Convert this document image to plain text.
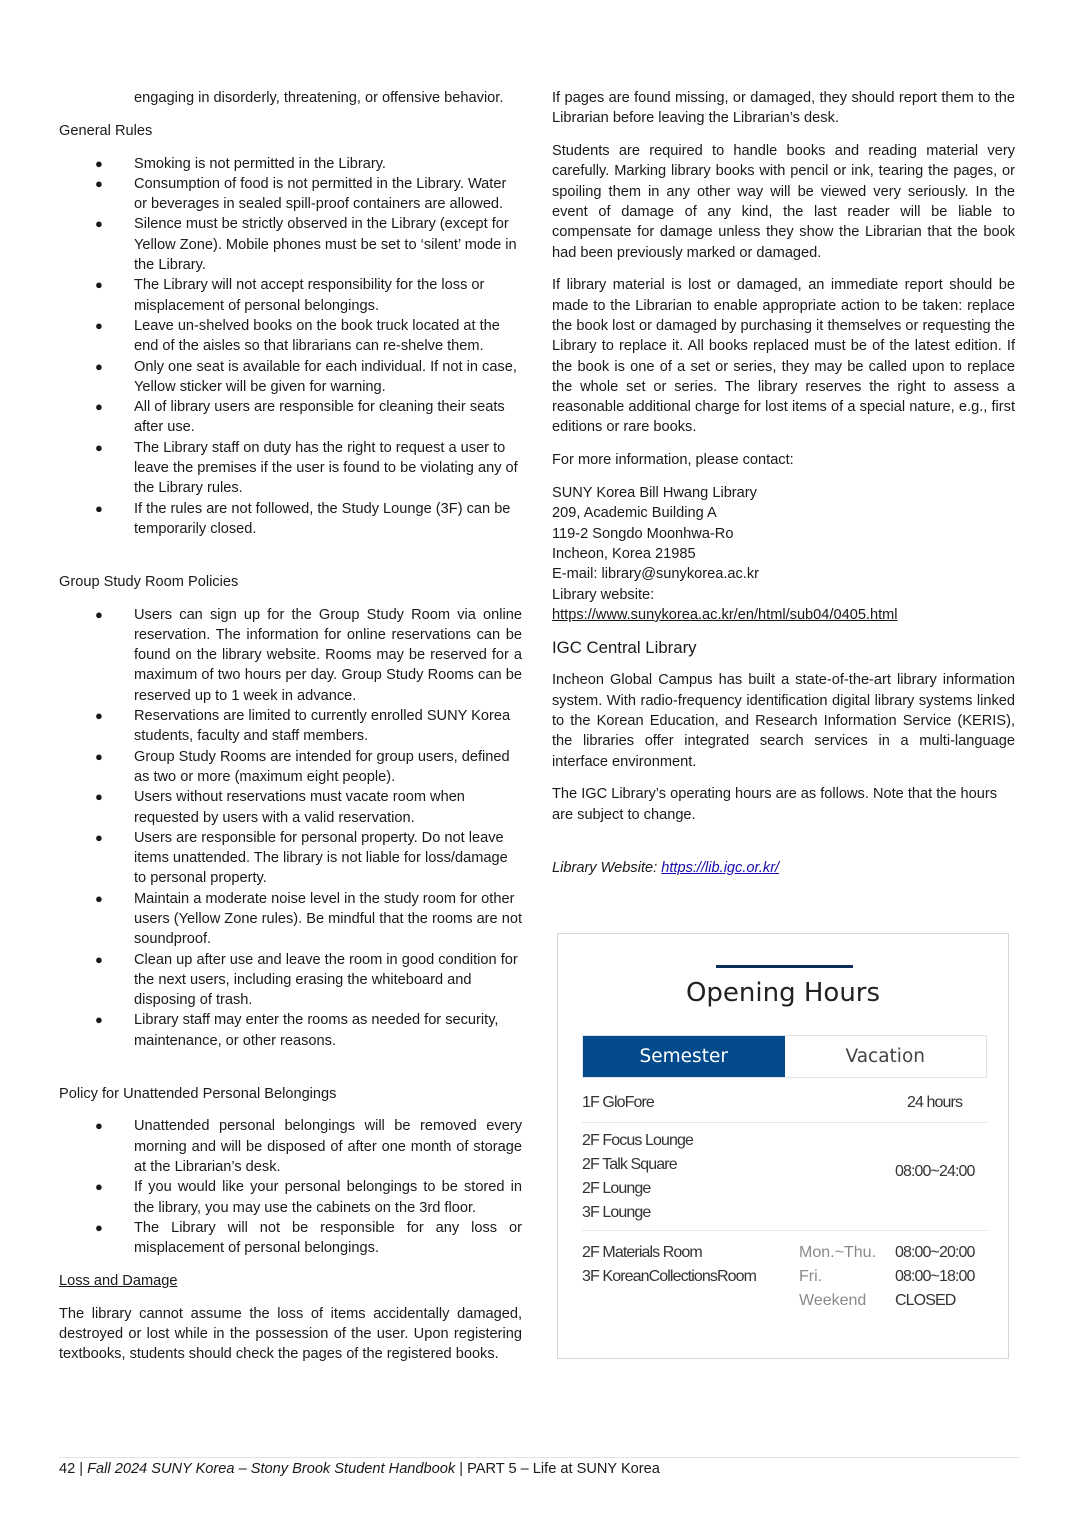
engaging in disorderly, threatening, or offensive behavior.

General Rules

● Smoking is not permitted in the Library.
● Consumption of food is not permitted in the Library. Water or beverages in sealed spill-proof containers are allowed.
● Silence must be strictly observed in the Library (except for Yellow Zone). Mobile phones must be set to ‘silent’ mode in the Library.
● The Library will not accept responsibility for the loss or misplacement of personal belongings.
● Leave un-shelved books on the book truck located at the end of the aisles so that librarians can re-shelve them.
● Only one seat is available for each individual. If not in case, Yellow sticker will be given for warning.
● All of library users are responsible for cleaning their seats after use.
● The Library staff on duty has the right to request a user to leave the premises if the user is found to be violating any of the Library rules.
● If the rules are not followed, the Study Lounge (3F) can be temporarily closed.

Group Study Room Policies

● Users can sign up for the Group Study Room via online reservation. The information for online reservations can be found on the library website. Rooms may be reserved for a maximum of two hours per day. Group Study Rooms can be reserved up to 1 week in advance.
● Reservations are limited to currently enrolled SUNY Korea students, faculty and staff members.
● Group Study Rooms are intended for group users, defined as two or more (maximum eight people).
● Users without reservations must vacate room when requested by users with a valid reservation.
● Users are responsible for personal property. Do not leave items unattended. The library is not liable for loss/damage to personal property.
● Maintain a moderate noise level in the study room for other users (Yellow Zone rules). Be mindful that the rooms are not soundproof.
● Clean up after use and leave the room in good condition for the next users, including erasing the whiteboard and disposing of trash.
● Library staff may enter the rooms as needed for security, maintenance, or other reasons.

Policy for Unattended Personal Belongings

● Unattended personal belongings will be removed every morning and will be disposed of after one month of storage at the Librarian’s desk.
● If you would like your personal belongings to be stored in the library, you may use the cabinets on the 3rd floor.
● The Library will not be responsible for any loss or misplacement of personal belongings.

Loss and Damage

The library cannot assume the loss of items accidentally damaged, destroyed or lost while in the possession of the user. Upon registering textbooks, students should check the pages of the registered books.

If pages are found missing, or damaged, they should report them to the Librarian before leaving the Librarian’s desk.

Students are required to handle books and reading material very carefully. Marking library books with pencil or ink, tearing the pages, or spoiling them in any other way will be viewed very seriously. In the event of damage of any kind, the last reader will be liable to compensate for damage unless they show the Librarian that the book had been previously marked or damaged.

If library material is lost or damaged, an immediate report should be made to the Librarian to enable appropriate action to be taken: replace the book lost or damaged by purchasing it themselves or requesting the Library to replace it. All books replaced must be of the latest edition. If the book is one of a set or series, they may be called upon to replace the whole set or series. The library reserves the right to assess a reasonable additional charge for lost items of a special nature, e.g., first editions or rare books.

For more information, please contact:

SUNY Korea Bill Hwang Library
209, Academic Building A
119-2 Songdo Moonhwa-Ro
Incheon, Korea 21985
E-mail: library@sunykorea.ac.kr
Library website:
https://www.sunykorea.ac.kr/en/html/sub04/0405.html

IGC Central Library

Incheon Global Campus has built a state-of-the-art library information system. With radio-frequency identification digital library systems linked to the Korean Education, and Research Information Service (KERIS), the libraries offer integrated search services in a multi-language interface environment.

The IGC Library’s operating hours are as follows. Note that the hours are subject to change.

Library Website: https://lib.igc.or.kr/

Opening Hours
Semester	Vacation
1F GloFore	24 hours
2F Focus Lounge
2F Talk Square
2F Lounge
3F Lounge
08:00~24:00
2F Materials Room
3F KoreanCollectionsRoom
Mon.~Thu.
Fri.
Weekend
08:00~20:00
08:00~18:00
CLOSED
42 | Fall 2024 SUNY Korea – Stony Brook Student Handbook | PART 5 – Life at SUNY Korea
